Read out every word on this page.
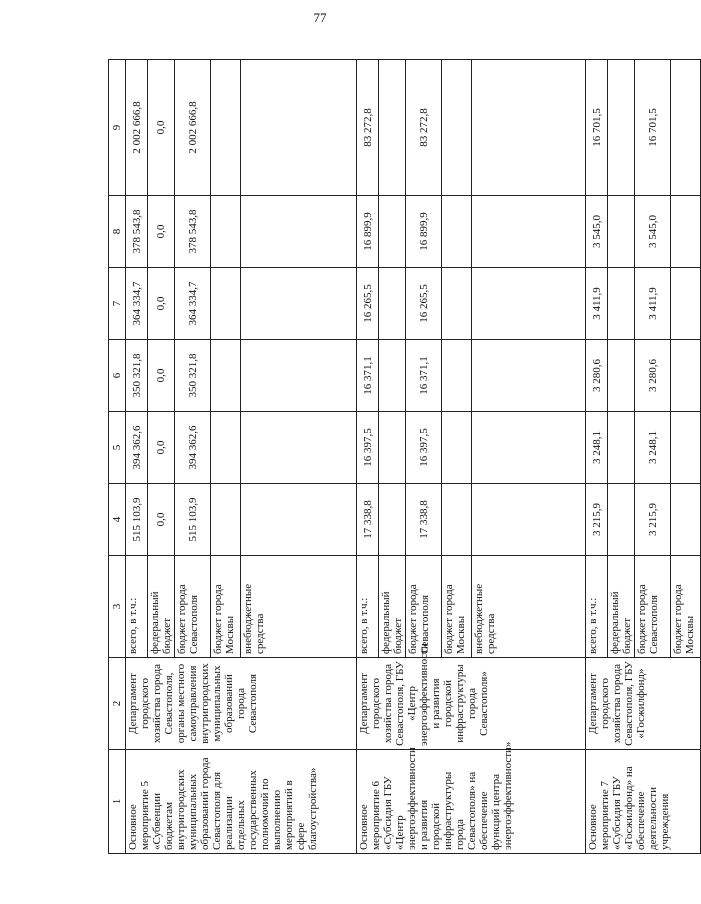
77
1	2	3	4	5	6	7	8	9
Основное мероприятие 5 «Субвенции бюджетам внутригородских муниципальных образований города Севастополя для реализации отдельных государственных полномочий по выполнению мероприятий в сфере благоустройства»	Департамент городского хозяйства города Севастополя, органы местного самоуправления внутригородских муниципальных образований города Севастополя	всего, в т.ч.:	515 103,9	394 362,6	350 321,8	364 334,7	378 543,8	2 002 666,8
		федеральный бюджет	0,0	0,0	0,0	0,0	0,0	0,0
		бюджет города Севастополя	515 103,9	394 362,6	350 321,8	364 334,7	378 543,8	2 002 666,8
		бюджет города Москвы						
		внебюджетные средства						
Основное мероприятие 6 «Субсидия ГБУ «Центр энергоэффективности и развития городской инфраструктуры города Севастополя» на обеспечение функций центра энергоэффективности»	Департамент городского хозяйства города Севастополя, ГБУ «Центр энергоэффективности и развития городской инфраструктуры города Севастополя»	всего, в т.ч.:	17 338,8	16 397,5	16 371,1	16 265,5	16 899,9	83 272,8
		федеральный бюджет						
		бюджет города Севастополя	17 338,8	16 397,5	16 371,1	16 265,5	16 899,9	83 272,8
		бюджет города Москвы						
		внебюджетные средства						
Основное мероприятие 7 «Субсидия ГБУ «Госжилфонд» на обеспечение деятельности учреждения	Департамент городского хозяйства города Севастополя, ГБУ «Госжилфонд»	всего, в т.ч.:	3 215,9	3 248,1	3 280,6	3 411,9	3 545,0	16 701,5
		федеральный бюджет						
		бюджет города Севастополя	3 215,9	3 248,1	3 280,6	3 411,9	3 545,0	16 701,5
		бюджет города Москвы						
